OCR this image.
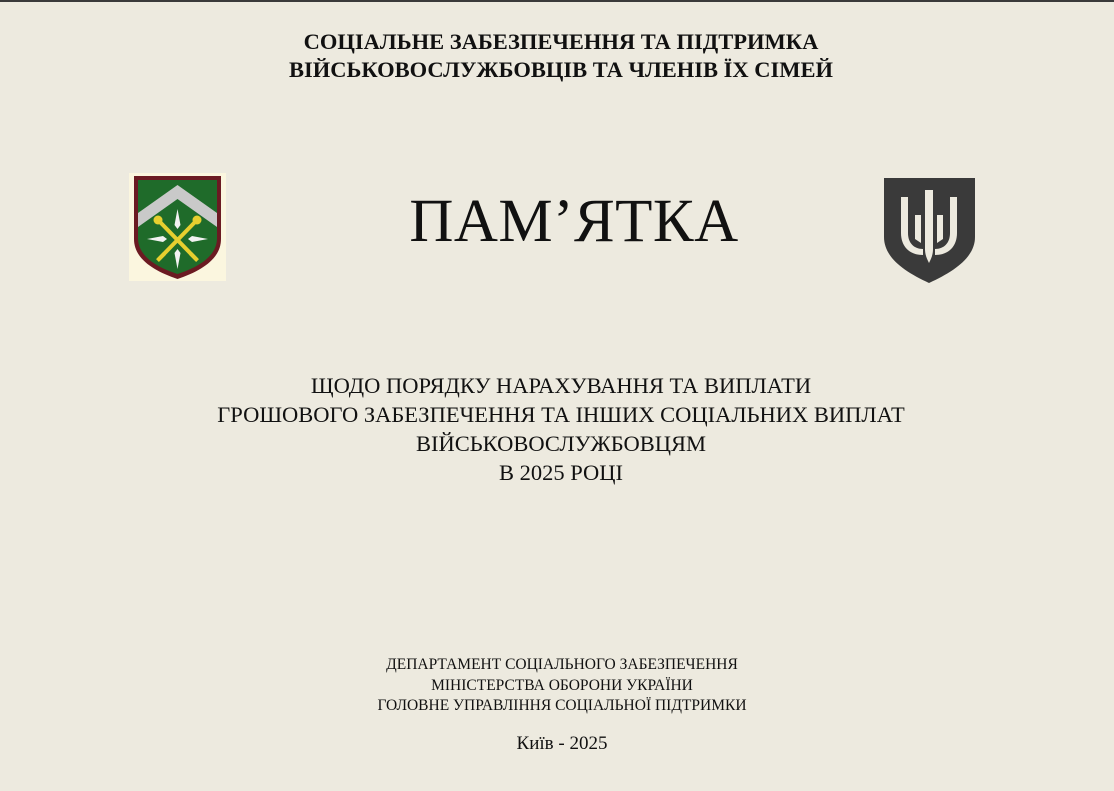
СОЦІАЛЬНЕ ЗАБЕЗПЕЧЕННЯ ТА ПІДТРИМКА
ВІЙСЬКОВОСЛУЖБОВЦІВ ТА ЧЛЕНІВ ЇХ СІМЕЙ
ПАМ’ЯТКА
ЩОДО ПОРЯДКУ НАРАХУВАННЯ ТА ВИПЛАТИ
ГРОШОВОГО ЗАБЕЗПЕЧЕННЯ ТА ІНШИХ СОЦІАЛЬНИХ ВИПЛАТ
ВІЙСЬКОВОСЛУЖБОВЦЯМ
В 2025 РОЦІ
ДЕПАРТАМЕНТ СОЦІАЛЬНОГО ЗАБЕЗПЕЧЕННЯ
МІНІСТЕРСТВА ОБОРОНИ УКРАЇНИ
ГОЛОВНЕ УПРАВЛІННЯ СОЦІАЛЬНОЇ ПІДТРИМКИ
Київ - 2025
